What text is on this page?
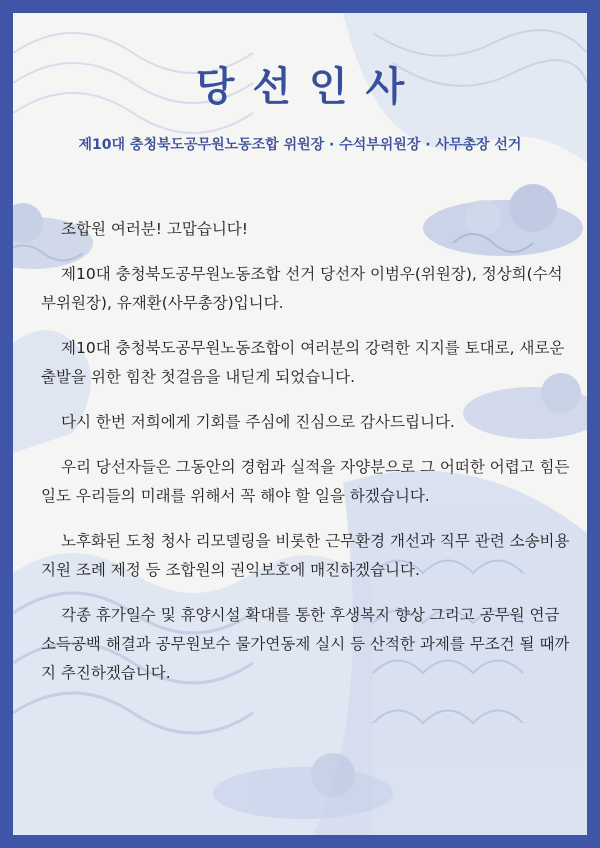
당선인사
제10대 충청북도공무원노동조합 위원장 · 수석부위원장 · 사무총장 선거

조합원 여러분! 고맙습니다!

제10대 충청북도공무원노동조합 선거 당선자 이범우(위원장), 정상희(수석부위원장), 유재환(사무총장)입니다.

제10대 충청북도공무원노동조합이 여러분의 강력한 지지를 토대로, 새로운 출발을 위한 힘찬 첫걸음을 내딛게 되었습니다.

다시 한번 저희에게 기회를 주심에 진심으로 감사드립니다.

우리 당선자들은 그동안의 경험과 실적을 자양분으로 그 어떠한 어렵고 힘든 일도 우리들의 미래를 위해서 꼭 해야 할 일을 하겠습니다.

노후화된 도청 청사 리모델링을 비롯한 근무환경 개선과 직무 관련 소송비용 지원 조례 제정 등 조합원의 권익보호에 매진하겠습니다.

각종 휴가일수 및 휴양시설 확대를 통한 후생복지 향상 그리고 공무원 연금 소득공백 해결과 공무원보수 물가연동제 실시 등 산적한 과제를 무조건 될 때까지 추진하겠습니다.
